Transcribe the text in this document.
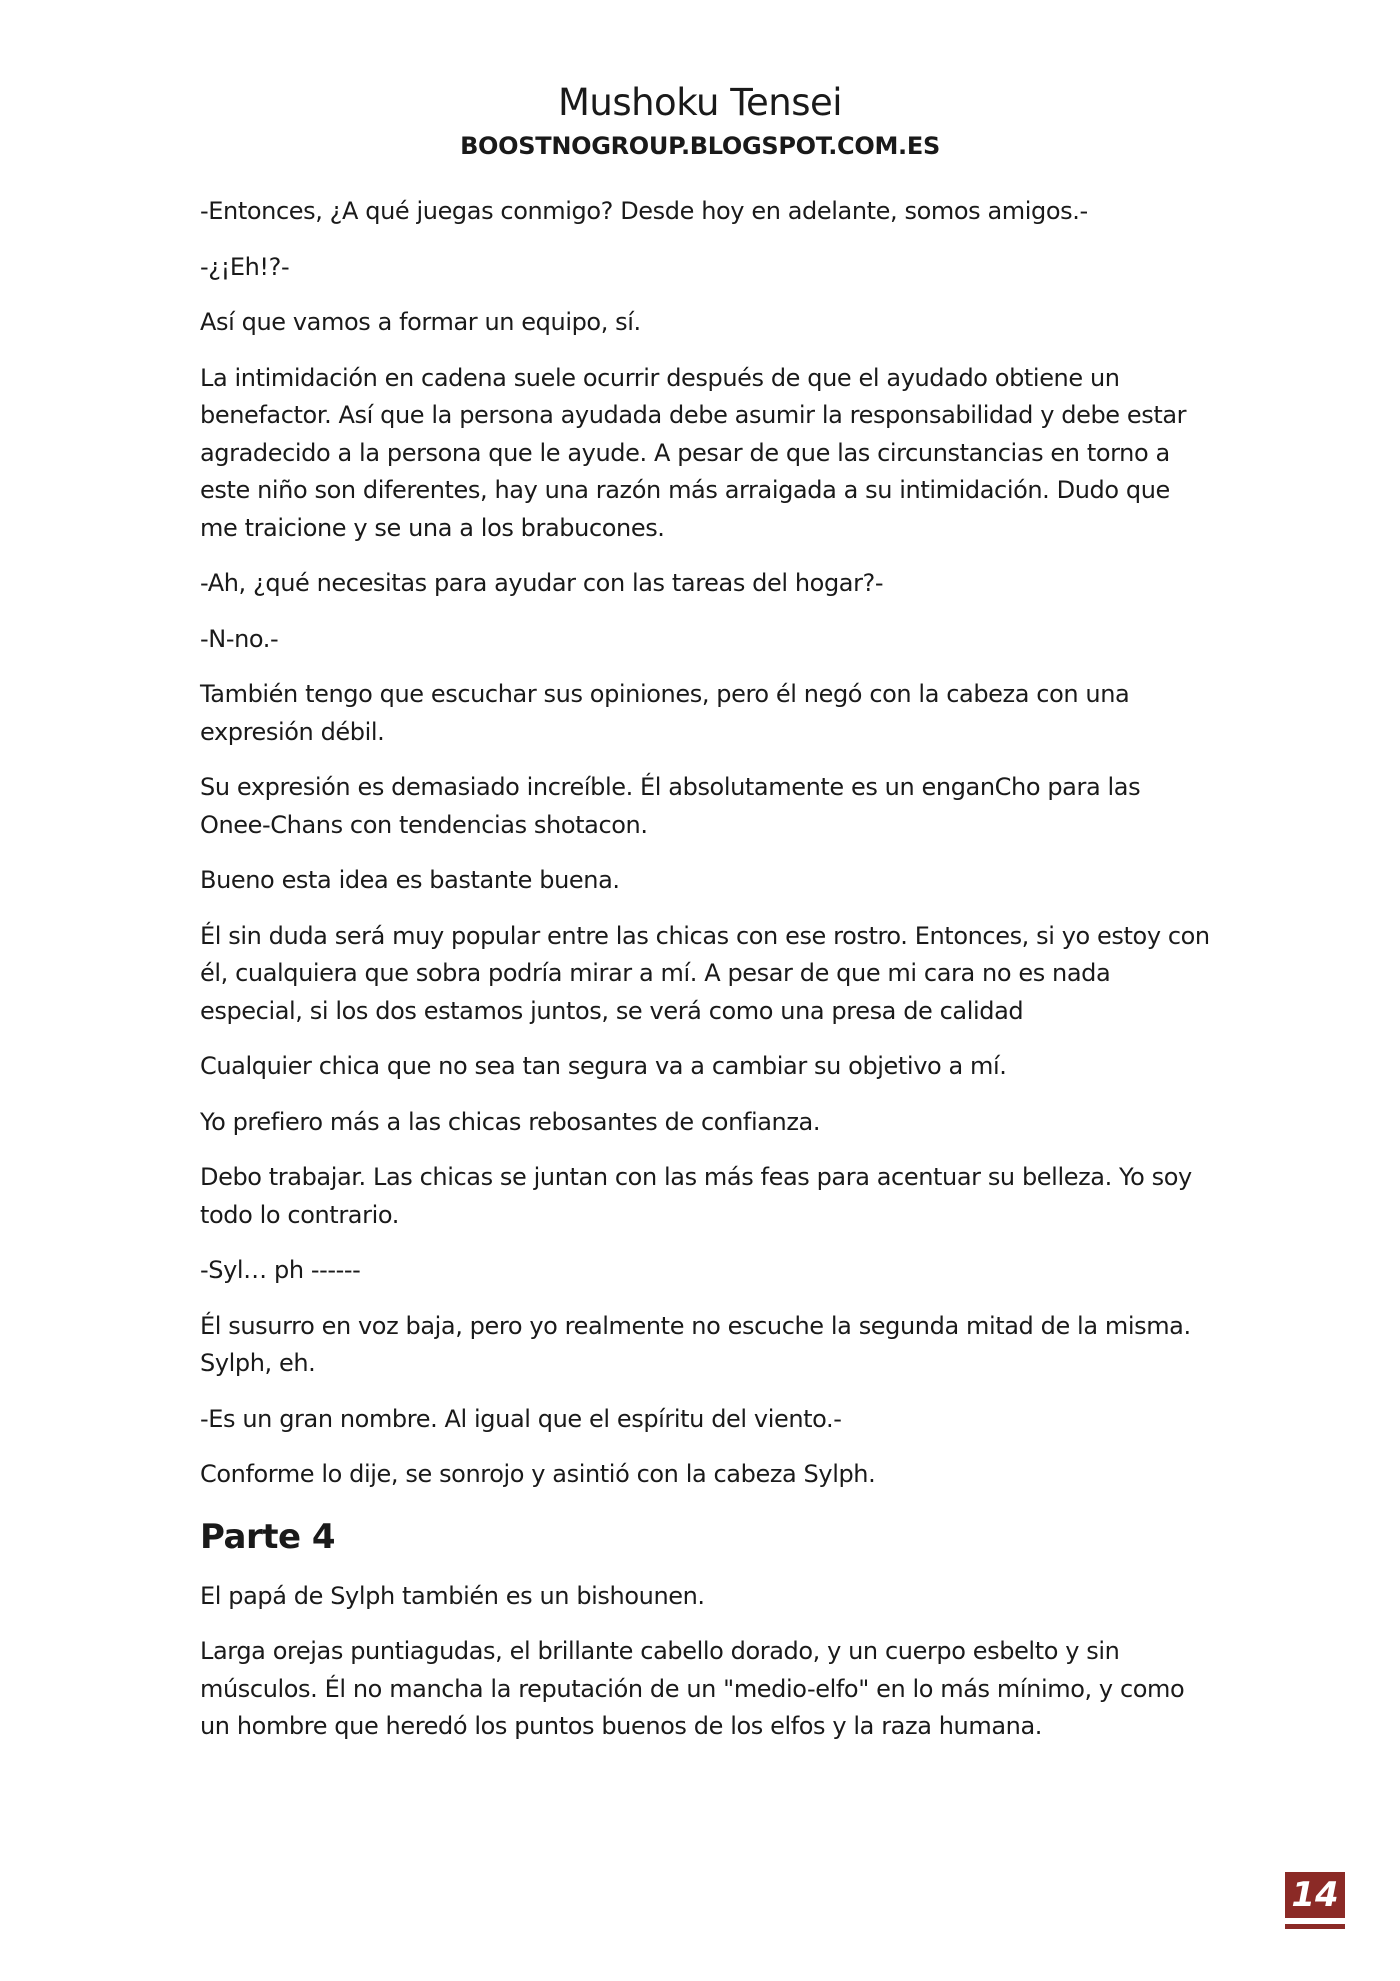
Mushoku Tensei
BOOSTNOGROUP.BLOGSPOT.COM.ES

-Entonces, ¿A qué juegas conmigo? Desde hoy en adelante, somos amigos.-

-¿¡Eh!?-

Así que vamos a formar un equipo, sí.

La intimidación en cadena suele ocurrir después de que el ayudado obtiene un benefactor. Así que la persona ayudada debe asumir la responsabilidad y debe estar agradecido a la persona que le ayude. A pesar de que las circunstancias en torno a este niño son diferentes, hay una razón más arraigada a su intimidación. Dudo que me traicione y se una a los brabucones.

-Ah, ¿qué necesitas para ayudar con las tareas del hogar?-

-N-no.-

También tengo que escuchar sus opiniones, pero él negó con la cabeza con una expresión débil.

Su expresión es demasiado increíble. Él absolutamente es un enganCho para las Onee-Chans con tendencias shotacon.

Bueno esta idea es bastante buena.

Él sin duda será muy popular entre las chicas con ese rostro. Entonces, si yo estoy con él, cualquiera que sobra podría mirar a mí. A pesar de que mi cara no es nada especial, si los dos estamos juntos, se verá como una presa de calidad

Cualquier chica que no sea tan segura va a cambiar su objetivo a mí.

Yo prefiero más a las chicas rebosantes de confianza.

Debo trabajar. Las chicas se juntan con las más feas para acentuar su belleza. Yo soy todo lo contrario.

-Syl… ph ------

Él susurro en voz baja, pero yo realmente no escuche la segunda mitad de la misma. Sylph, eh.

-Es un gran nombre. Al igual que el espíritu del viento.-

Conforme lo dije, se sonrojo y asintió con la cabeza Sylph.

Parte 4

El papá de Sylph también es un bishounen.

Larga orejas puntiagudas, el brillante cabello dorado, y un cuerpo esbelto y sin músculos. Él no mancha la reputación de un "medio-elfo" en lo más mínimo, y como un hombre que heredó los puntos buenos de los elfos y la raza humana.

14
